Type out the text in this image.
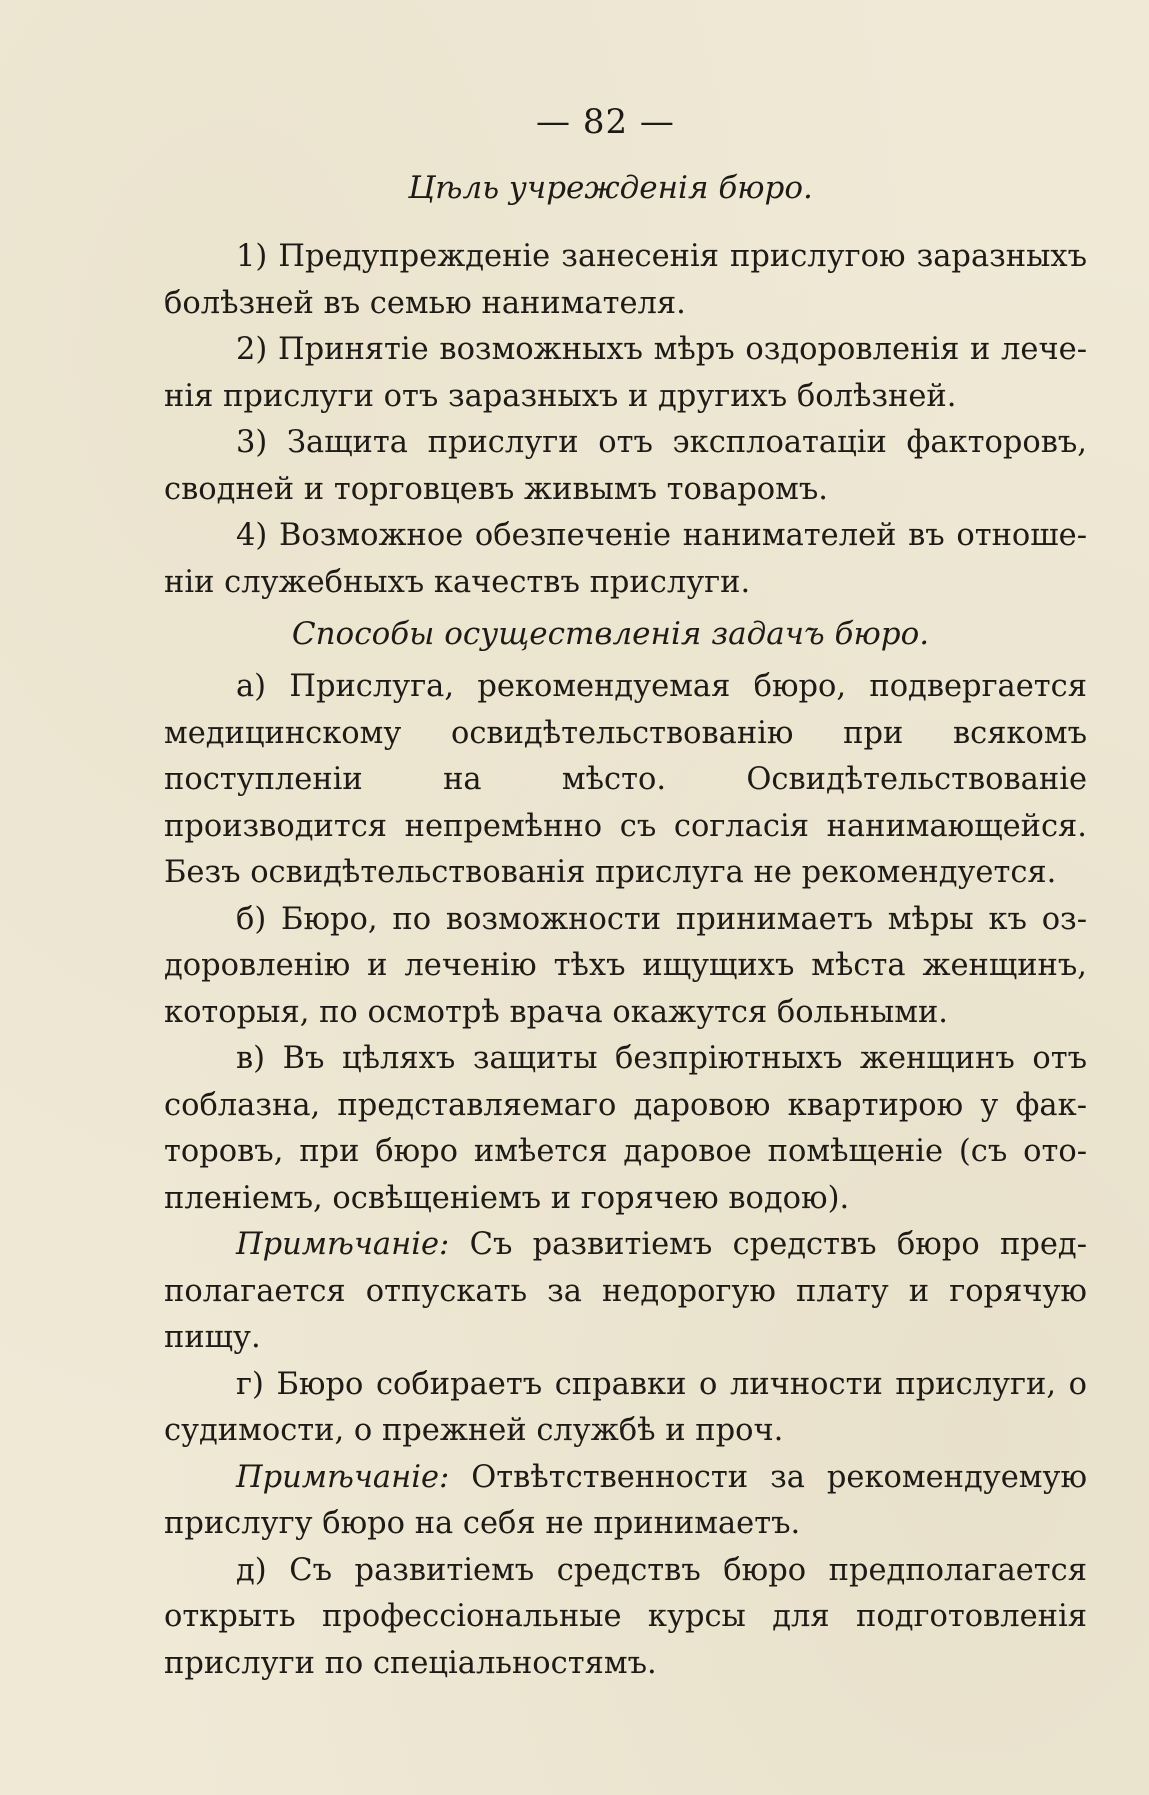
— 82 —
Цѣль учрежденія бюро.

1) Предупрежденіе занесенія прислугою заразныхъ болѣзней въ семью нанимателя.

2) Принятіе возможныхъ мѣръ оздоровленія и леченія прислуги отъ заразныхъ и другихъ болѣзней.

3) Защита прислуги отъ эксплоатаціи факторовъ, сводней и торговцевъ живымъ товаромъ.

4) Возможное обезпеченіе нанимателей въ отношеніи служебныхъ качествъ прислуги.

Способы осуществленія задачъ бюро.

а) Прислуга, рекомендуемая бюро, подвергается медицинскому освидѣтельствованію при всякомъ поступленіи на мѣсто. Освидѣтельствованіе производится непремѣнно съ согласія нанимающейся. Безъ освидѣтельствованія прислуга не рекомендуется.

б) Бюро, по возможности принимаетъ мѣры къ оздоровленію и леченію тѣхъ ищущихъ мѣста женщинъ, которыя, по осмотрѣ врача окажутся больными.

в) Въ цѣляхъ защиты безпріютныхъ женщинъ отъ соблазна, представляемаго даровою квартирою у факторовъ, при бюро имѣется даровое помѣщеніе (съ отопленіемъ, освѣщеніемъ и горячею водою).

Примѣчаніе: Съ развитіемъ средствъ бюро предполагается отпускать за недорогую плату и горячую пищу.

г) Бюро собираетъ справки о личности прислуги, о судимости, о прежней службѣ и проч.

Примѣчаніе: Отвѣтственности за рекомендуемую прислугу бюро на себя не принимаетъ.

д) Съ развитіемъ средствъ бюро предполагается открыть профессіональные курсы для подготовленія прислуги по спеціальностямъ.
